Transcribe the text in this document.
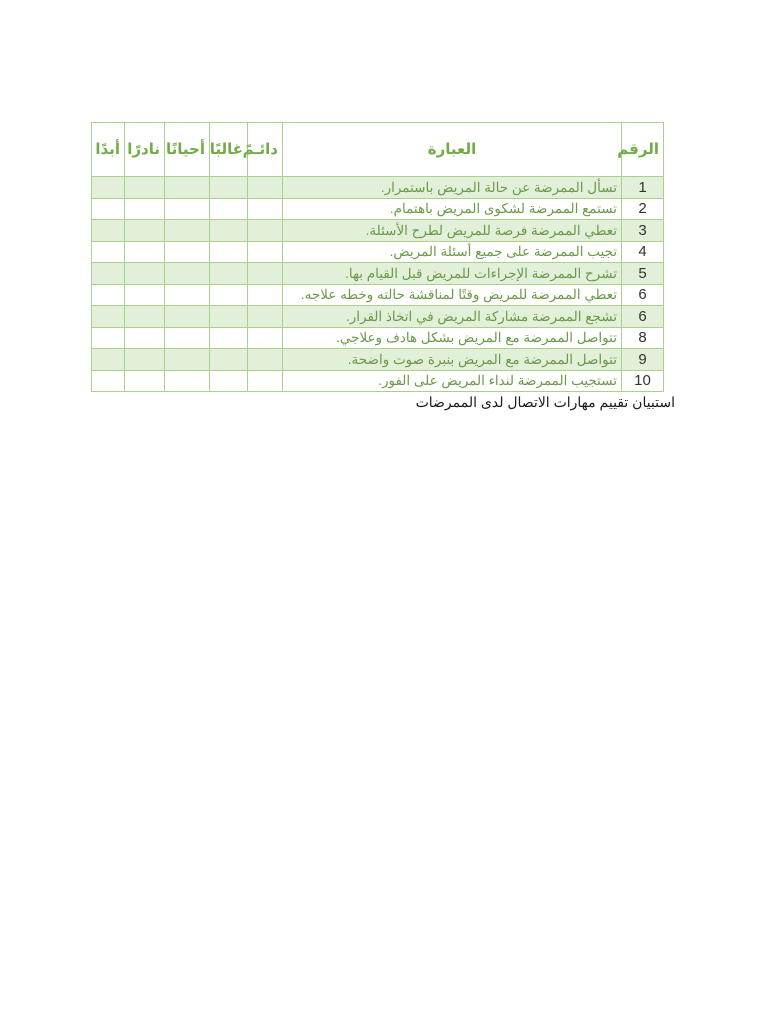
الرقم	العبارة	دائـمً	غالبًا	أحيانًا	نادرًا	أبدًا
1	تسأل الممرضة عن حالة المريض باستمرار.					
2	تستمع الممرضة لشكوى المريض باهتمام.					
3	تعطي الممرضة فرصة للمريض لطرح الأسئلة.					
4	تجيب الممرضة على جميع أسئلة المريض.					
5	تشرح الممرضة الإجراءات للمريض قبل القيام بها.					
6	تعطي الممرضة للمريض وقتًا لمناقشة حالته وخطه علاجه.					
6	تشجع الممرضة مشاركة المريض في اتخاذ القرار.					
8	تتواصل الممرضة مع المريض بشكل هادف وعلاجي.					
9	تتواصل الممرضة مع المريض بنبرة صوت واضحة.					
10	تستجيب الممرضة لنداء المريض على الفور.					
استبيان تقييم مهارات الاتصال لدى الممرضات
